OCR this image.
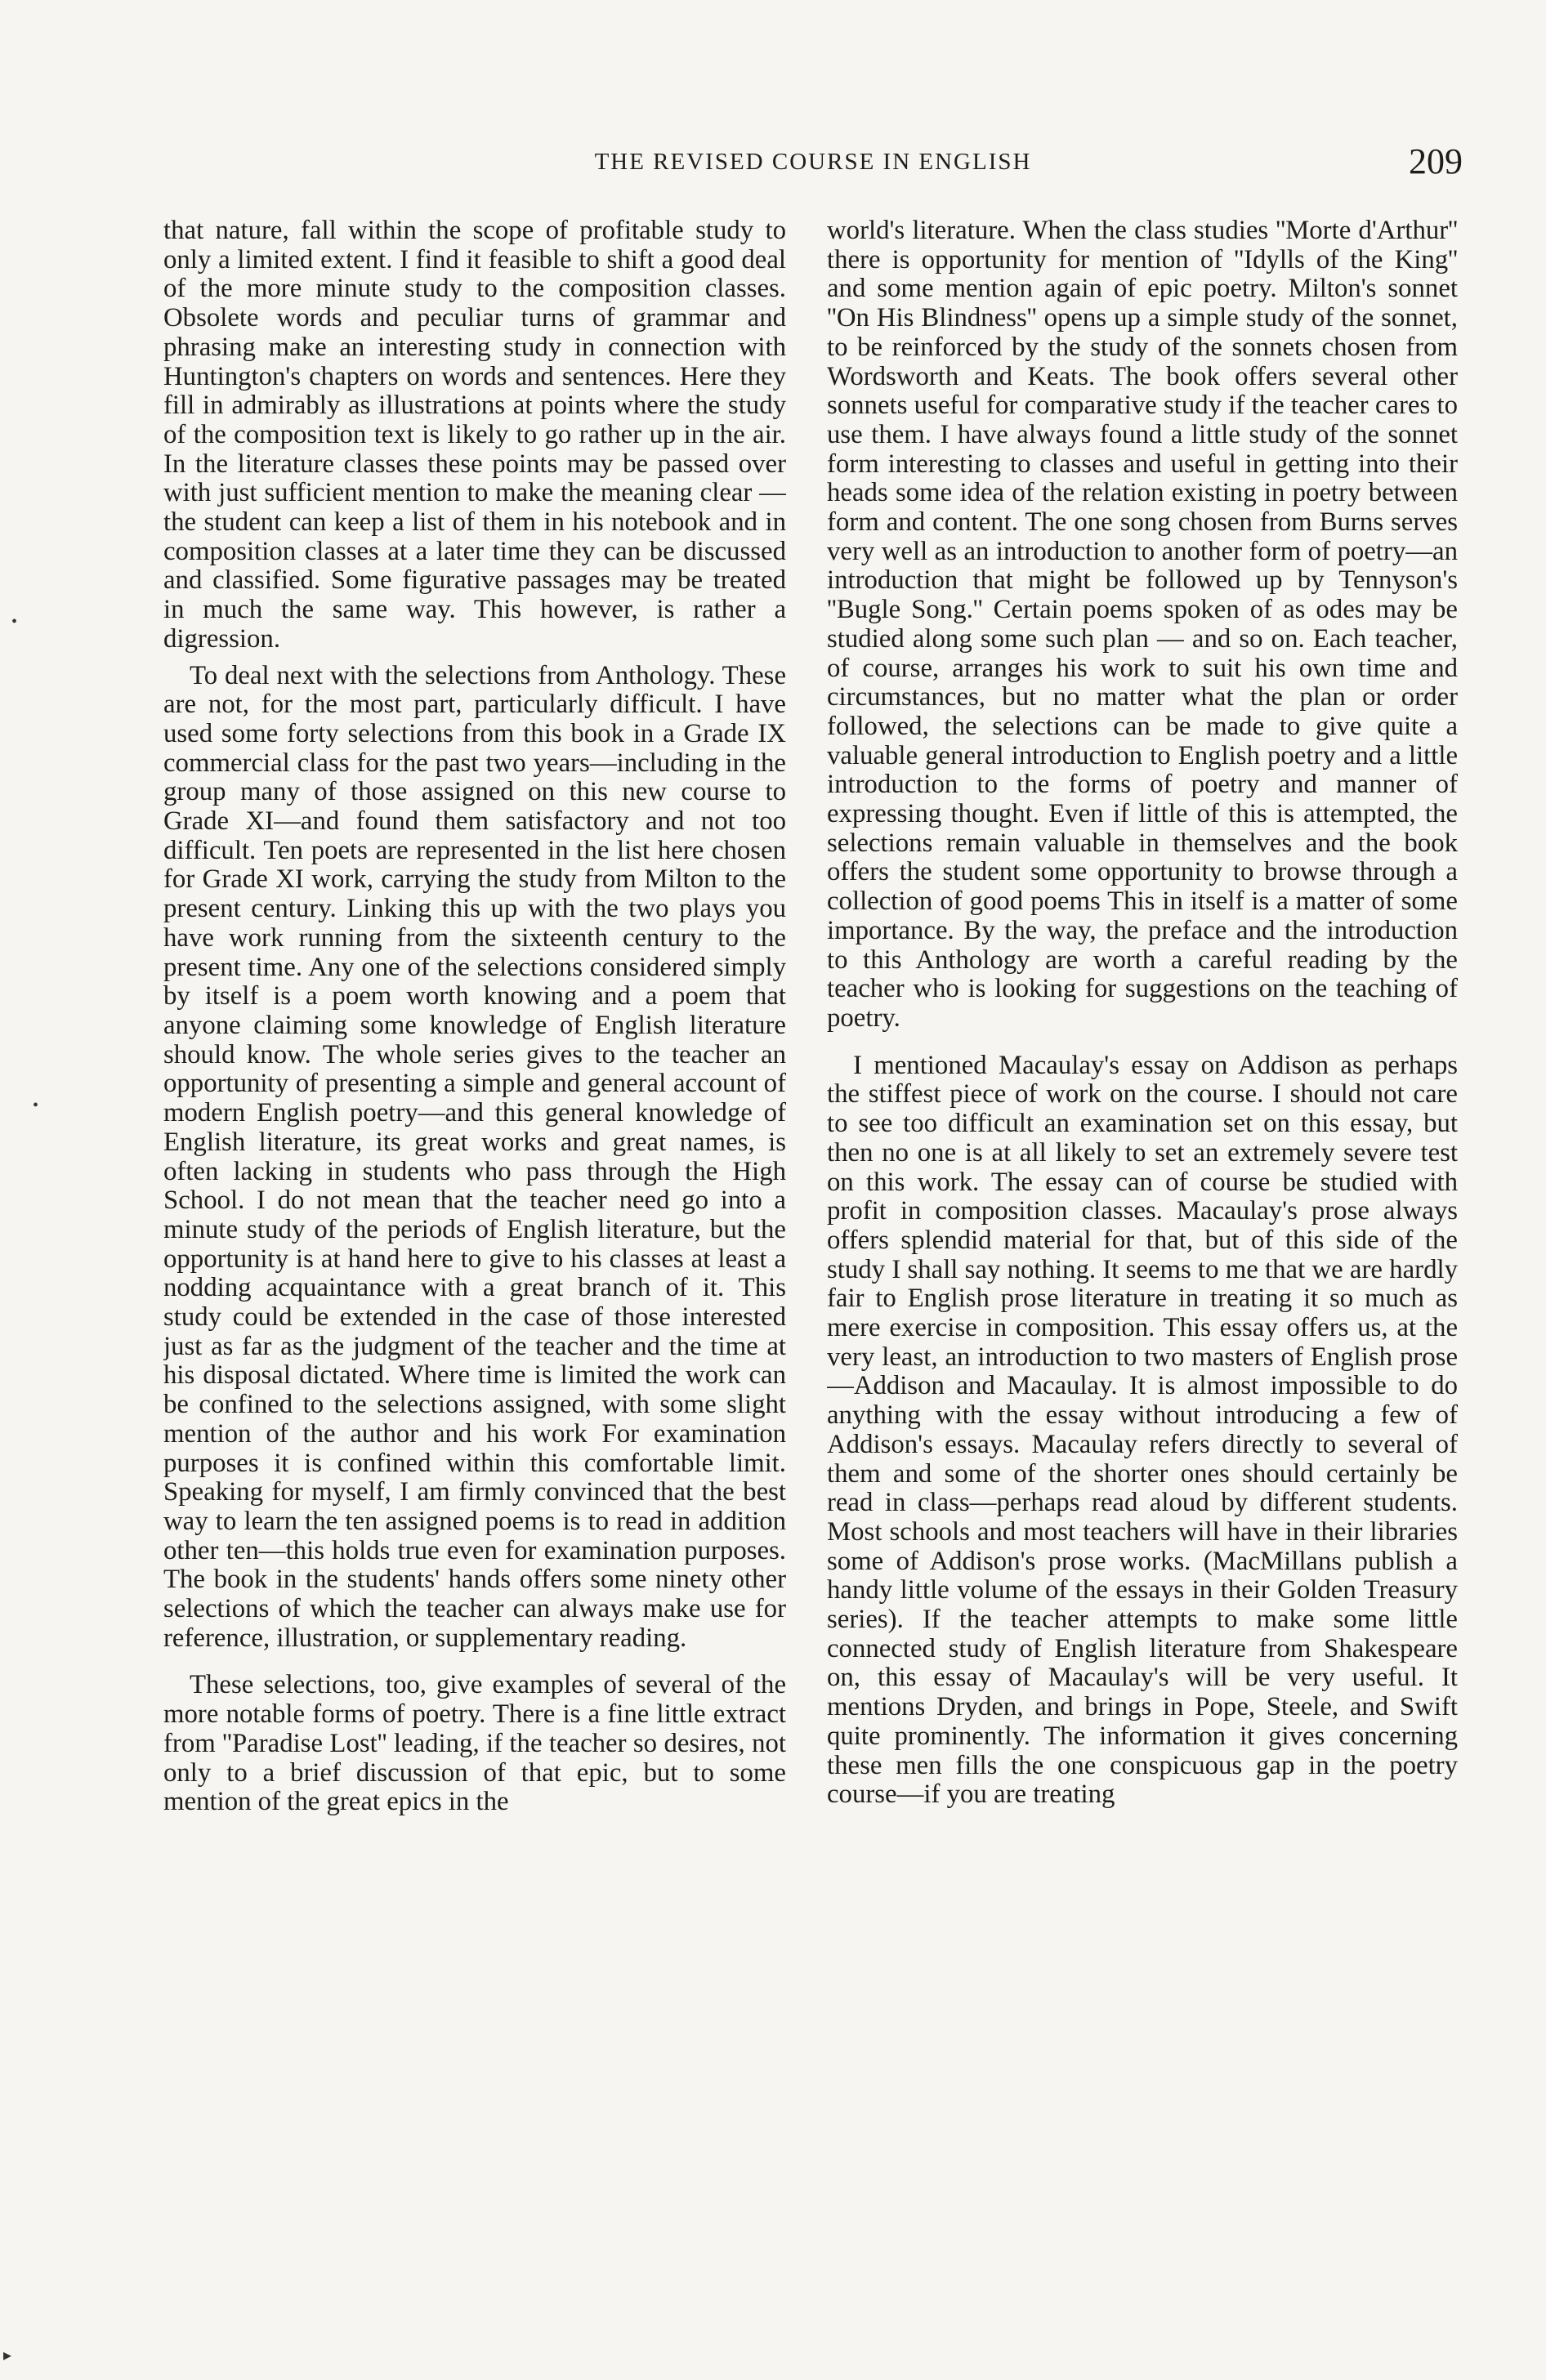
THE REVISED COURSE IN ENGLISH	209

that nature, fall within the scope of profitable study to only a limited extent. I find it feasible to shift a good deal of the more minute study to the composition classes. Obsolete words and peculiar turns of grammar and phrasing make an interesting study in connection with Huntington's chapters on words and sentences. Here they fill in admirably as illustrations at points where the study of the composition text is likely to go rather up in the air. In the literature classes these points may be passed over with just sufficient mention to make the meaning clear —the student can keep a list of them in his notebook and in composition classes at a later time they can be discussed and classified. Some figurative passages may be treated in much the same way. This however, is rather a digression.

To deal next with the selections from Anthology. These are not, for the most part, particularly difficult. I have used some forty selections from this book in a Grade IX commercial class for the past two years—including in the group many of those assigned on this new course to Grade XI—and found them satisfactory and not too difficult. Ten poets are represented in the list here chosen for Grade XI work, carrying the study from Milton to the present century. Linking this up with the two plays you have work running from the sixteenth century to the present time. Any one of the selections considered simply by itself is a poem worth knowing and a poem that anyone claiming some knowledge of English literature should know. The whole series gives to the teacher an opportunity of presenting a simple and general account of modern English poetry—and this general knowledge of English literature, its great works and great names, is often lacking in students who pass through the High School. I do not mean that the teacher need go into a minute study of the periods of English literature, but the opportunity is at hand here to give to his classes at least a nodding acquaintance with a great branch of it. This study could be extended in the case of those interested just as far as the judgment of the teacher and the time at his disposal dictated. Where time is limited the work can be confined to the selections assigned, with some slight mention of the author and his work For examination purposes it is confined within this comfortable limit. Speaking for myself, I am firmly convinced that the best way to learn the ten assigned poems is to read in addition other ten—this holds true even for examination purposes. The book in the students' hands offers some ninety other selections of which the teacher can always make use for reference, illustration, or supplementary reading.

These selections, too, give examples of several of the more notable forms of poetry. There is a fine little extract from ''Paradise Lost'' leading, if the teacher so desires, not only to a brief discussion of that epic, but to some mention of the great epics in the

world's literature. When the class studies ''Morte d'Arthur'' there is opportunity for mention of ''Idylls of the King'' and some mention again of epic poetry. Milton's sonnet ''On His Blindness'' opens up a simple study of the sonnet, to be reinforced by the study of the sonnets chosen from Wordsworth and Keats. The book offers several other sonnets useful for comparative study if the teacher cares to use them. I have always found a little study of the sonnet form interesting to classes and useful in getting into their heads some idea of the relation existing in poetry between form and content. The one song chosen from Burns serves very well as an introduction to another form of poetry—an introduction that might be followed up by Tennyson's ''Bugle Song.'' Certain poems spoken of as odes may be studied along some such plan — and so on. Each teacher, of course, arranges his work to suit his own time and circumstances, but no matter what the plan or order followed, the selections can be made to give quite a valuable general introduction to English poetry and a little introduction to the forms of poetry and manner of expressing thought. Even if little of this is attempted, the selections remain valuable in themselves and the book offers the student some opportunity to browse through a collection of good poems This in itself is a matter of some importance. By the way, the preface and the introduction to this Anthology are worth a careful reading by the teacher who is looking for suggestions on the teaching of poetry.

I mentioned Macaulay's essay on Addison as perhaps the stiffest piece of work on the course. I should not care to see too difficult an examination set on this essay, but then no one is at all likely to set an extremely severe test on this work. The essay can of course be studied with profit in composition classes. Macaulay's prose always offers splendid material for that, but of this side of the study I shall say nothing. It seems to me that we are hardly fair to English prose literature in treating it so much as mere exercise in composition. This essay offers us, at the very least, an introduction to two masters of English prose—Addison and Macaulay. It is almost impossible to do anything with the essay without introducing a few of Addison's essays. Macaulay refers directly to several of them and some of the shorter ones should certainly be read in class—perhaps read aloud by different students. Most schools and most teachers will have in their libraries some of Addison's prose works. (MacMillans publish a handy little volume of the essays in their Golden Treasury series). If the teacher attempts to make some little connected study of English literature from Shakespeare on, this essay of Macaulay's will be very useful. It mentions Dryden, and brings in Pope, Steele, and Swift quite prominently. The information it gives concerning these men fills the one conspicuous gap in the poetry course—if you are treating

•
•
▸
